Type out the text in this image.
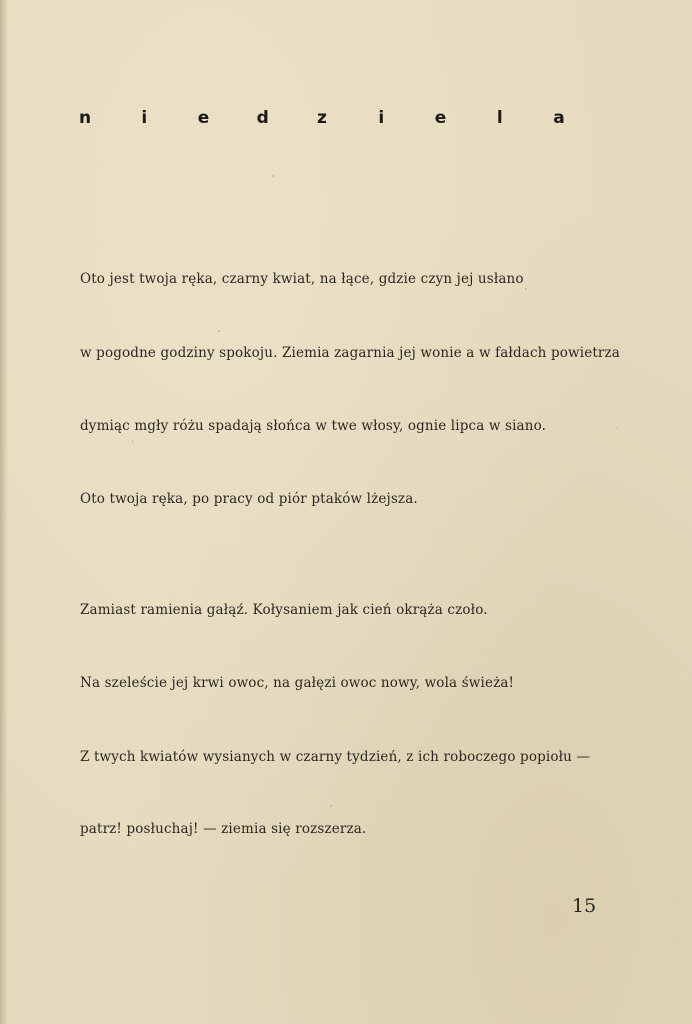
n	i	e	d	z	i	e	l	a
Oto jest twoja ręka, czarny kwiat, na łące, gdzie czyn jej usłano
w pogodne godziny spokoju. Ziemia zagarnia jej wonie a w fałdach powietrza
dymiąc mgły różu spadają słońca w twe włosy, ognie lipca w siano.
Oto twoja ręka, po pracy od piór ptaków lżejsza.
Zamiast ramienia gałąź. Kołysaniem jak cień okrąża czoło.
Na szeleście jej krwi owoc, na gałęzi owoc nowy, wola świeża!
Z twych kwiatów wysianych w czarny tydzień, z ich roboczego popiołu —
patrz! posłuchaj! — ziemia się rozszerza.
15
